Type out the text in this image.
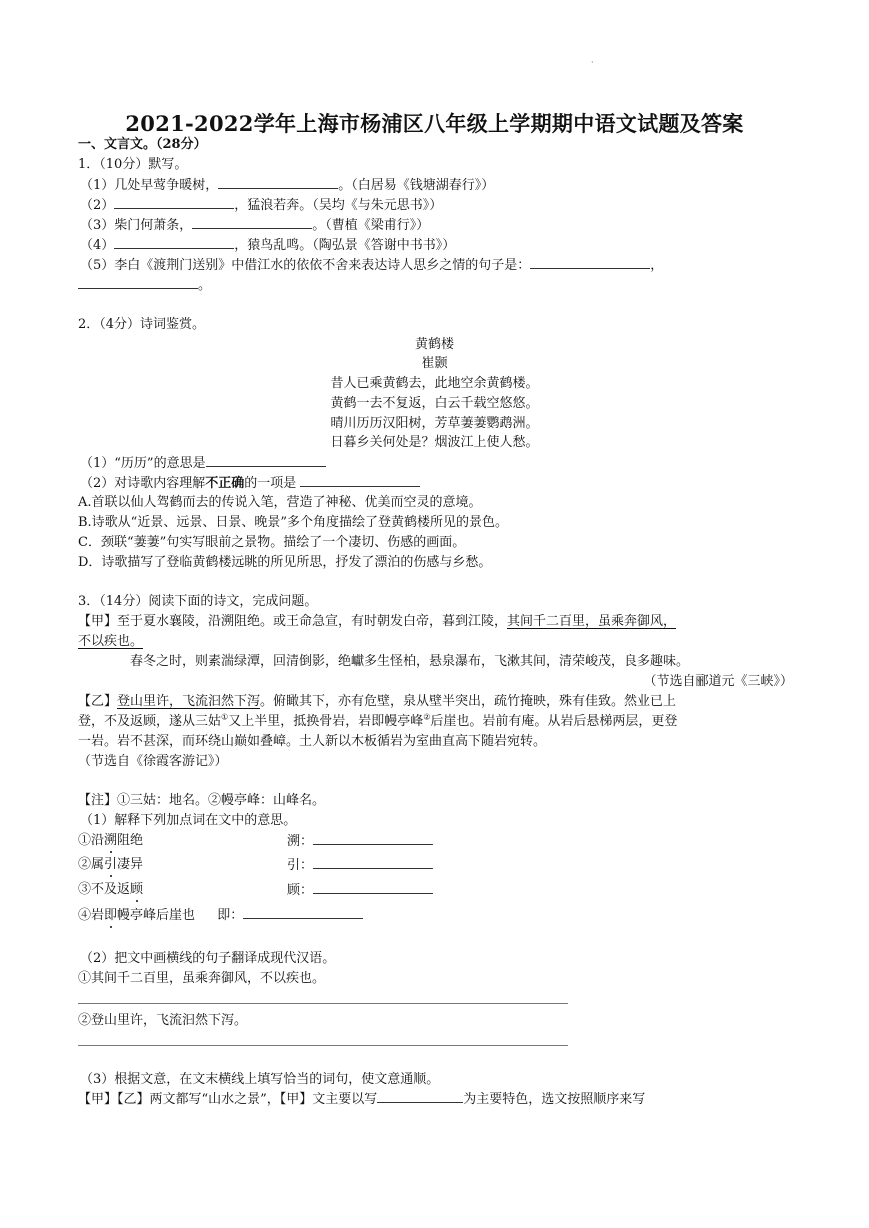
·
2021-2022学年上海市杨浦区八年级上学期期中语文试题及答案
一、文言文。（28分）
1．（10分）默写。
（1）几处早莺争暖树，	。（白居易《钱塘湖春行》）
（2）	，猛浪若奔。（吴均《与朱元思书》）
（3）柴门何萧条，	。（曹植《梁甫行》）
（4）	，猿鸟乱鸣。（陶弘景《答谢中书书》）
（5）李白《渡荆门送别》中借江水的依依不舍来表达诗人思乡之情的句子是：	，
。
2．（4分）诗词鉴赏。
黄鹤楼
崔颢
昔人已乘黄鹤去，此地空余黄鹤楼。
黄鹤一去不复返，白云千载空悠悠。
晴川历历汉阳树，芳草萋萋鹦鹉洲。
日暮乡关何处是？烟波江上使人愁。
（1）“历历”的意思是
（2）对诗歌内容理解不正确的一项是
A.首联以仙人驾鹤而去的传说入笔，营造了神秘、优美而空灵的意境。
B.诗歌从“近景、远景、日景、晚景”多个角度描绘了登黄鹤楼所见的景色。
C．颈联“萋萋”句实写眼前之景物。描绘了一个凄切、伤感的画面。
D．诗歌描写了登临黄鹤楼远眺的所见所思，抒发了漂泊的伤感与乡愁。
3．（14分）阅读下面的诗文，完成问题。
【甲】至于夏水襄陵，沿溯阻绝。或王命急宣，有时朝发白帝，暮到江陵，其间千二百里，虽乘奔御风，
不以疾也。
春冬之时，则素湍绿潭，回清倒影，绝巘多生怪柏，悬泉瀑布，飞漱其间，清荣峻茂，良多趣味。
（节选自郦道元《三峡》）
【乙】登山里许，飞流汩然下泻。俯瞰其下，亦有危壁，泉从壁半突出，疏竹掩映，殊有佳致。然业已上
登，不及返顾，遂从三姑①又上半里，抵换骨岩，岩即幔亭峰②后崖也。岩前有庵。从岩后悬梯两层，更登
一岩。岩不甚深，而环绕山巅如叠嶂。土人新以木板循岩为室曲直高下随岩宛转。
（节选自《徐霞客游记》）
【注】①三姑：地名。②幔亭峰：山峰名。
（1）解释下列加点词在文中的意思。
①沿溯阻绝	溯：
②属引凄异	引：
③不及返顾	顾：
④岩即幔亭峰后崖也 即：
（2）把文中画横线的句子翻译成现代汉语。
①其间千二百里，虽乘奔御风，不以疾也。
②登山里许，飞流汩然下泻。
（3）根据文意，在文末横线上填写恰当的词句，使文意通顺。
【甲】【乙】两文都写“山水之景”，【甲】文主要以写	为主要特色，选文按照顺序来写
